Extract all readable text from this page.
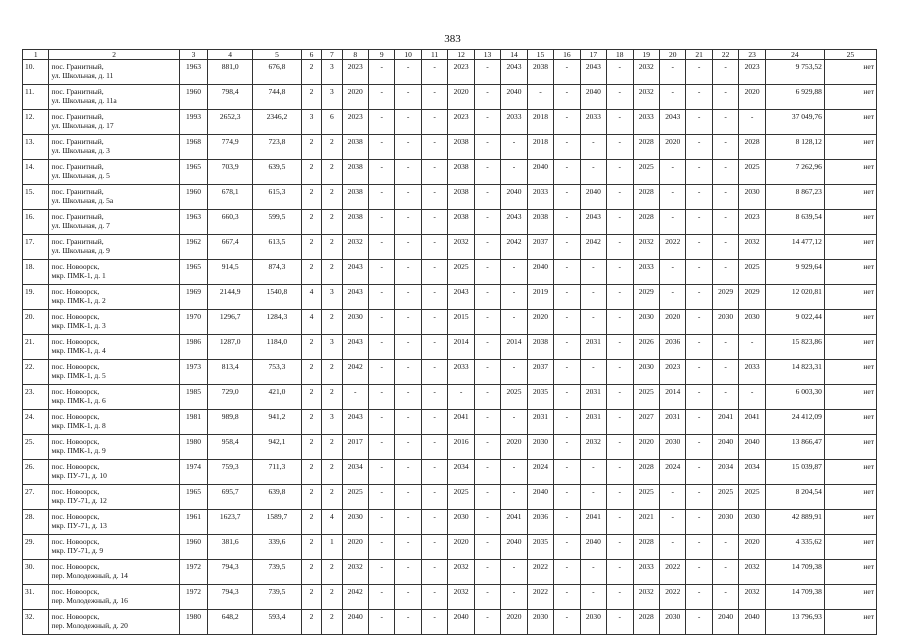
383
1	2	3	4	5	6	7	8	9	10	11	12	13	14	15	16	17	18	19	20	21	22	23	24	25
10.	пос. Гранитный,
ул. Школьная, д. 11	1963	881,0	676,8	2	3	2023	-	-	-	2023	-	2043	2038	-	2043	-	2032	-	-	-	2023	9 753,52	нет
11.	пос. Гранитный,
ул. Школьная, д. 11а	1960	798,4	744,8	2	3	2020	-	-	-	2020	-	2040	-	-	2040	-	2032	-	-	-	2020	6 929,88	нет
12.	пос. Гранитный,
ул. Школьная, д. 17	1993	2652,3	2346,2	3	6	2023	-	-	-	2023	-	2033	2018	-	2033	-	2033	2043	-	-	-	37 049,76	нет
13.	пос. Гранитный,
ул. Школьная, д. 3	1968	774,9	723,8	2	2	2038	-	-	-	2038	-	-	2018	-	-	-	2028	2020	-	-	2028	8 128,12	нет
14.	пос. Гранитный,
ул. Школьная, д. 5	1965	703,9	639,5	2	2	2038	-	-	-	2038	-	-	2040	-	-	-	2025	-	-	-	2025	7 262,96	нет
15.	пос. Гранитный,
ул. Школьная, д. 5а	1960	678,1	615,3	2	2	2038	-	-	-	2038	-	2040	2033	-	2040	-	2028	-	-	-	2030	8 867,23	нет
16.	пос. Гранитный,
ул. Школьная, д. 7	1963	660,3	599,5	2	2	2038	-	-	-	2038	-	2043	2038	-	2043	-	2028	-	-	-	2023	8 639,54	нет
17.	пос. Гранитный,
ул. Школьная, д. 9	1962	667,4	613,5	2	2	2032	-	-	-	2032	-	2042	2037	-	2042	-	2032	2022	-	-	2032	14 477,12	нет
18.	пос. Новоорск,
мкр. ПМК-1, д. 1	1965	914,5	874,3	2	2	2043	-	-	-	2025	-	-	2040	-	-	-	2033	-	-	-	2025	9 929,64	нет
19.	пос. Новоорск,
мкр. ПМК-1, д. 2	1969	2144,9	1540,8	4	3	2043	-	-	-	2043	-	-	2019	-	-	-	2029	-	-	2029	2029	12 020,81	нет
20.	пос. Новоорск,
мкр. ПМК-1, д. 3	1970	1296,7	1284,3	4	2	2030	-	-	-	2015	-	-	2020	-	-	-	2030	2020	-	2030	2030	9 022,44	нет
21.	пос. Новоорск,
мкр. ПМК-1, д. 4	1986	1287,0	1184,0	2	3	2043	-	-	-	2014	-	2014	2038	-	2031	-	2026	2036	-	-	-	15 823,86	нет
22.	пос. Новоорск,
мкр. ПМК-1, д. 5	1973	813,4	753,3	2	2	2042	-	-	-	2033	-	-	2037	-	-	-	2030	2023	-	-	2033	14 823,31	нет
23.	пос. Новоорск,
мкр. ПМК-1, д. 6	1985	729,0	421,0	2	2	-	-	-	-	-	-	2025	2035	-	2031	-	2025	2014	-	-	-	6 003,30	нет
24.	пос. Новоорск,
мкр. ПМК-1, д. 8	1981	989,8	941,2	2	3	2043	-	-	-	2041	-	-	2031	-	2031	-	2027	2031	-	2041	2041	24 412,09	нет
25.	пос. Новоорск,
мкр. ПМК-1, д. 9	1980	958,4	942,1	2	2	2017	-	-	-	2016	-	2020	2030	-	2032	-	2020	2030	-	2040	2040	13 866,47	нет
26.	пос. Новоорск,
мкр. ПУ-71, д. 10	1974	759,3	711,3	2	2	2034	-	-	-	2034	-	-	2024	-	-	-	2028	2024	-	2034	2034	15 039,87	нет
27.	пос. Новоорск,
мкр. ПУ-71, д. 12	1965	695,7	639,8	2	2	2025	-	-	-	2025	-	-	2040	-	-	-	2025	-	-	2025	2025	8 204,54	нет
28.	пос. Новоорск,
мкр. ПУ-71, д. 13	1961	1623,7	1589,7	2	4	2030	-	-	-	2030	-	2041	2036	-	2041	-	2021	-	-	2030	2030	42 889,91	нет
29.	пос. Новоорск,
мкр. ПУ-71, д. 9	1960	381,6	339,6	2	1	2020	-	-	-	2020	-	2040	2035	-	2040	-	2028	-	-	-	2020	4 335,62	нет
30.	пос. Новоорск,
пер. Молодежный, д. 14	1972	794,3	739,5	2	2	2032	-	-	-	2032	-	-	2022	-	-	-	2033	2022	-	-	2032	14 709,38	нет
31.	пос. Новоорск,
пер. Молодежный, д. 16	1972	794,3	739,5	2	2	2042	-	-	-	2032	-	-	2022	-	-	-	2032	2022	-	-	2032	14 709,38	нет
32.	пос. Новоорск,
пер. Молодежный, д. 20	1980	648,2	593,4	2	2	2040	-	-	-	2040	-	2020	2030	-	2030	-	2028	2030	-	2040	2040	13 796,93	нет
